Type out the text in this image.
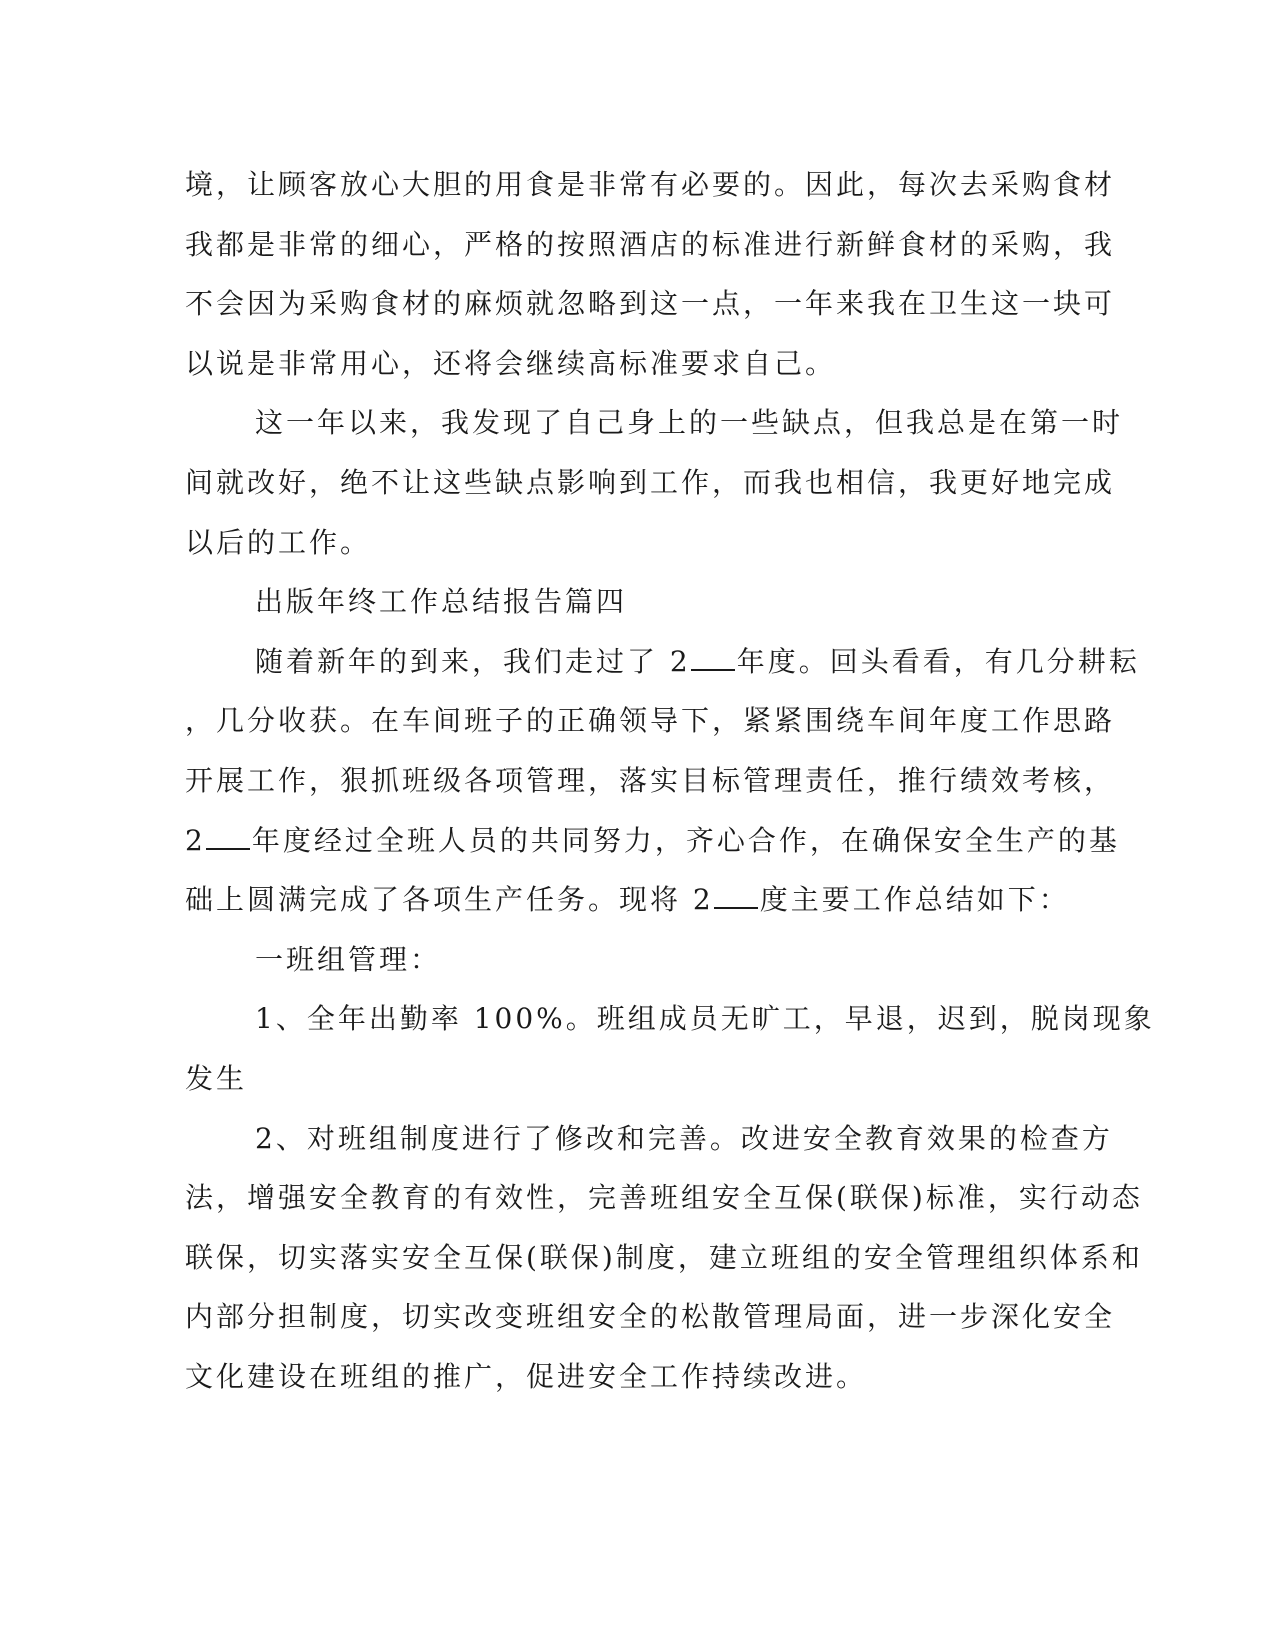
境，让顾客放心大胆的用食是非常有必要的。因此，每次去采购食材
我都是非常的细心，严格的按照酒店的标准进行新鲜食材的采购，我
不会因为采购食材的麻烦就忽略到这一点，一年来我在卫生这一块可
以说是非常用心，还将会继续高标准要求自己。
这一年以来，我发现了自己身上的一些缺点，但我总是在第一时
间就改好，绝不让这些缺点影响到工作，而我也相信，我更好地完成
以后的工作。
出版年终工作总结报告篇四
随着新年的到来，我们走过了 2 年度。回头看看，有几分耕耘
，几分收获。在车间班子的正确领导下，紧紧围绕车间年度工作思路
开展工作，狠抓班级各项管理，落实目标管理责任，推行绩效考核，
2 年度经过全班人员的共同努力，齐心合作，在确保安全生产的基
础上圆满完成了各项生产任务。现将 2 度主要工作总结如下：
一班组管理：
1、全年出勤率 100%。班组成员无旷工，早退，迟到，脱岗现象
发生
2、对班组制度进行了修改和完善。改进安全教育效果的检查方
法，增强安全教育的有效性，完善班组安全互保(联保)标准，实行动态
联保，切实落实安全互保(联保)制度，建立班组的安全管理组织体系和
内部分担制度，切实改变班组安全的松散管理局面，进一步深化安全
文化建设在班组的推广，促进安全工作持续改进。
